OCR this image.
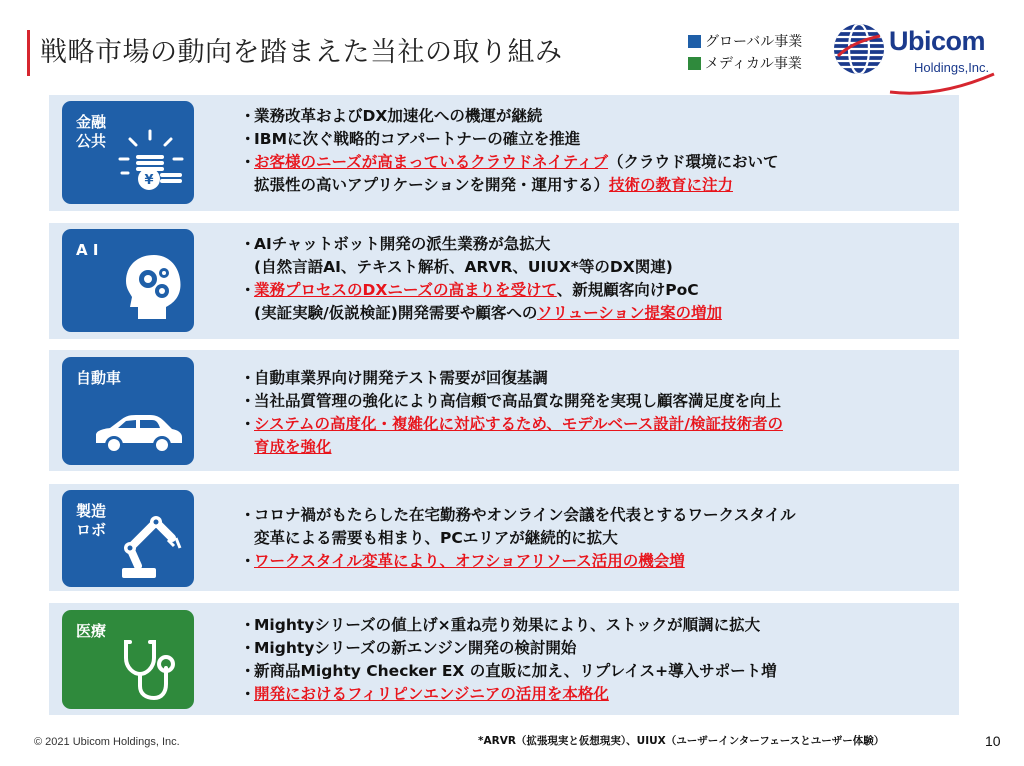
戦略市場の動向を踏まえた当社の取り組み	グローバル事業
メディカル事業
Ubicom
Holdings,Inc.
金融
公共
¥
・業務改革およびDX加速化への機運が継続
・IBMに次ぐ戦略的コアパートナーの確立を推進
・お客様のニーズが高まっているクラウドネイティブ（クラウド環境において
拡張性の高いアプリケーションを開発・運用する）技術の教育に注力
A I	・AIチャットボット開発の派生業務が急拡大
(自然言語AI、テキスト解析、ARVR、UIUX*等のDX関連)
・業務プロセスのDXニーズの高まりを受けて、新規顧客向けPoC
(実証実験/仮説検証)開発需要や顧客へのソリューション提案の増加
自動車	・自動車業界向け開発テスト需要が回復基調
・当社品質管理の強化により高信頼で高品質な開発を実現し顧客満足度を向上
・システムの高度化・複雑化に対応するため、モデルベース設計/検証技術者の
育成を強化
製造
ロボ
・コロナ禍がもたらした在宅勤務やオンライン会議を代表とするワークスタイル
変革による需要も相まり、PCエリアが継続的に拡大
・ワークスタイル変革により、オフショアリソース活用の機会増
医療	・Mightyシリーズの値上げ×重ね売り効果により、ストックが順調に拡大
・Mightyシリーズの新エンジン開発の検討開始
・新商品Mighty Checker EX の直販に加え、リプレイス+導入サポート増
・開発におけるフィリピンエンジニアの活用を本格化
© 2021 Ubicom Holdings, Inc.	*ARVR（拡張現実と仮想現実）、UIUX（ユーザーインターフェースとユーザー体験）	10
